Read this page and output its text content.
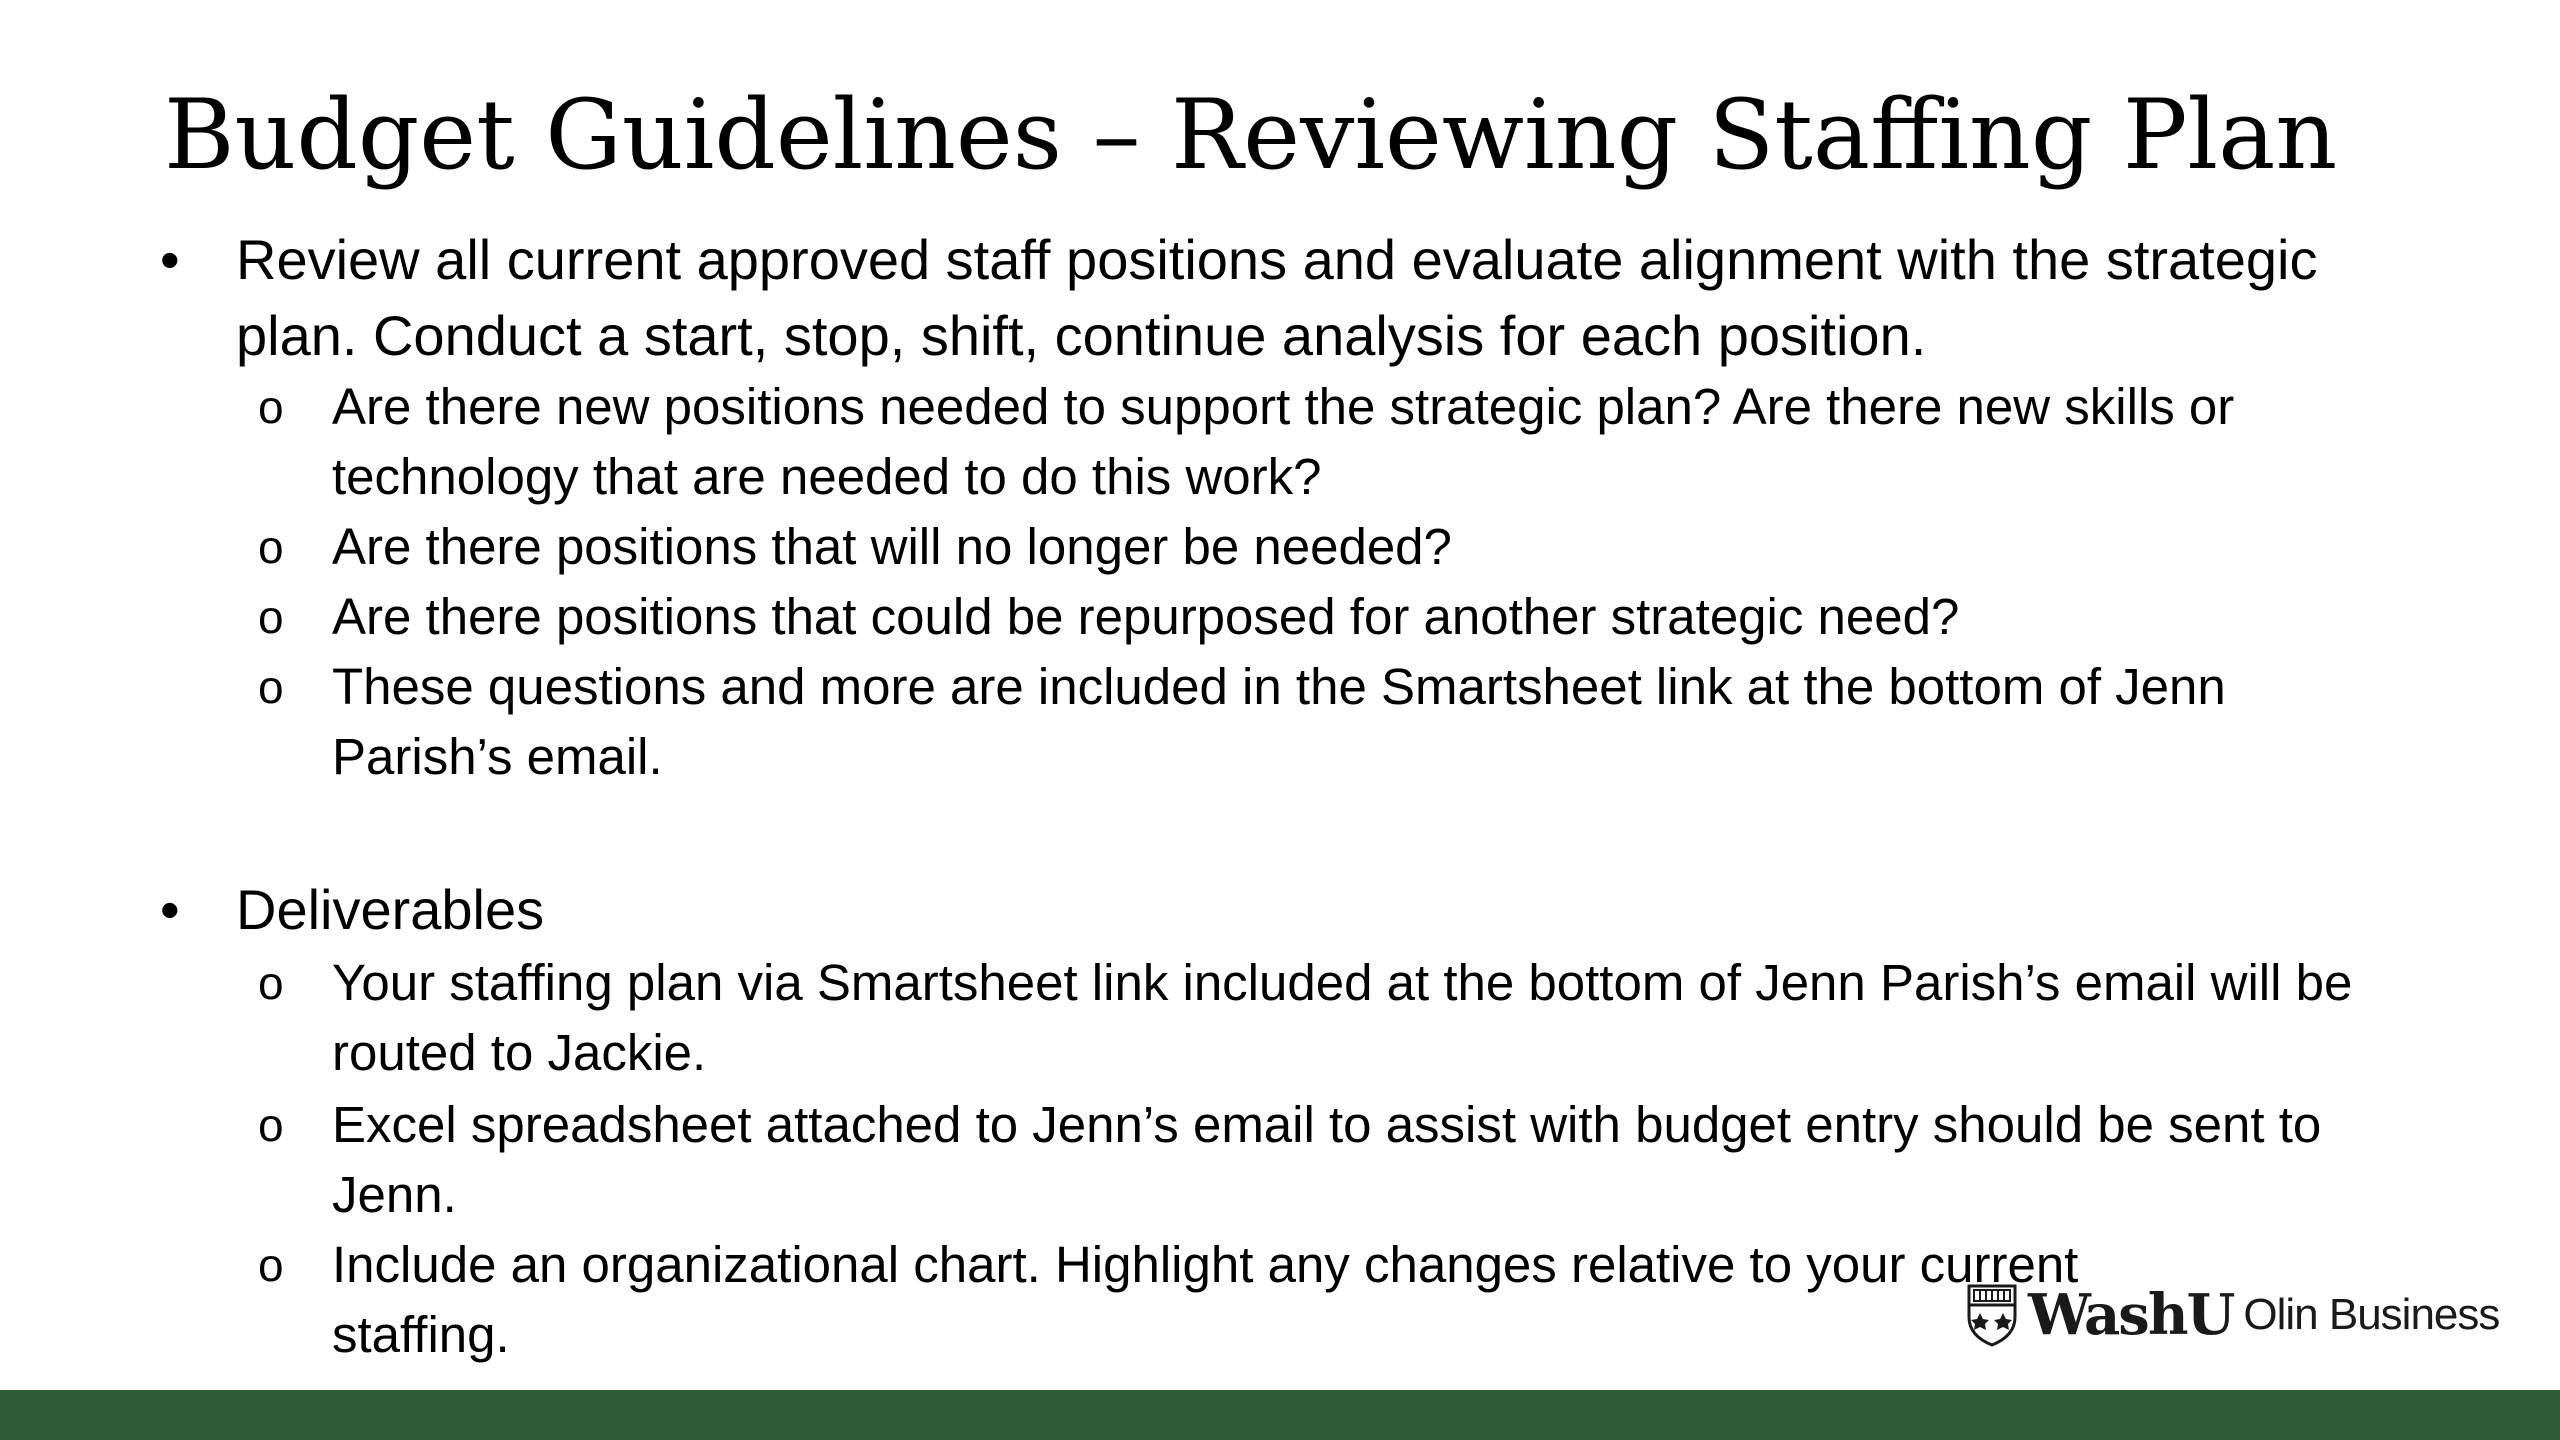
Budget Guidelines – Reviewing Staffing Plan
• Review all current approved staff positions and evaluate alignment with the strategic plan. Conduct a start, stop, shift, continue analysis for each position.
o Are there new positions needed to support the strategic plan? Are there new skills or technology that are needed to do this work?
o Are there positions that will no longer be needed?
o Are there positions that could be repurposed for another strategic need?
o These questions and more are included in the Smartsheet link at the bottom of Jenn Parish’s email.
• Deliverables
o Your staffing plan via Smartsheet link included at the bottom of Jenn Parish’s email will be routed to Jackie.
o Excel spreadsheet attached to Jenn’s email to assist with budget entry should be sent to Jenn.
o Include an organizational chart. Highlight any changes relative to your current staffing.	WashU Olin Business
